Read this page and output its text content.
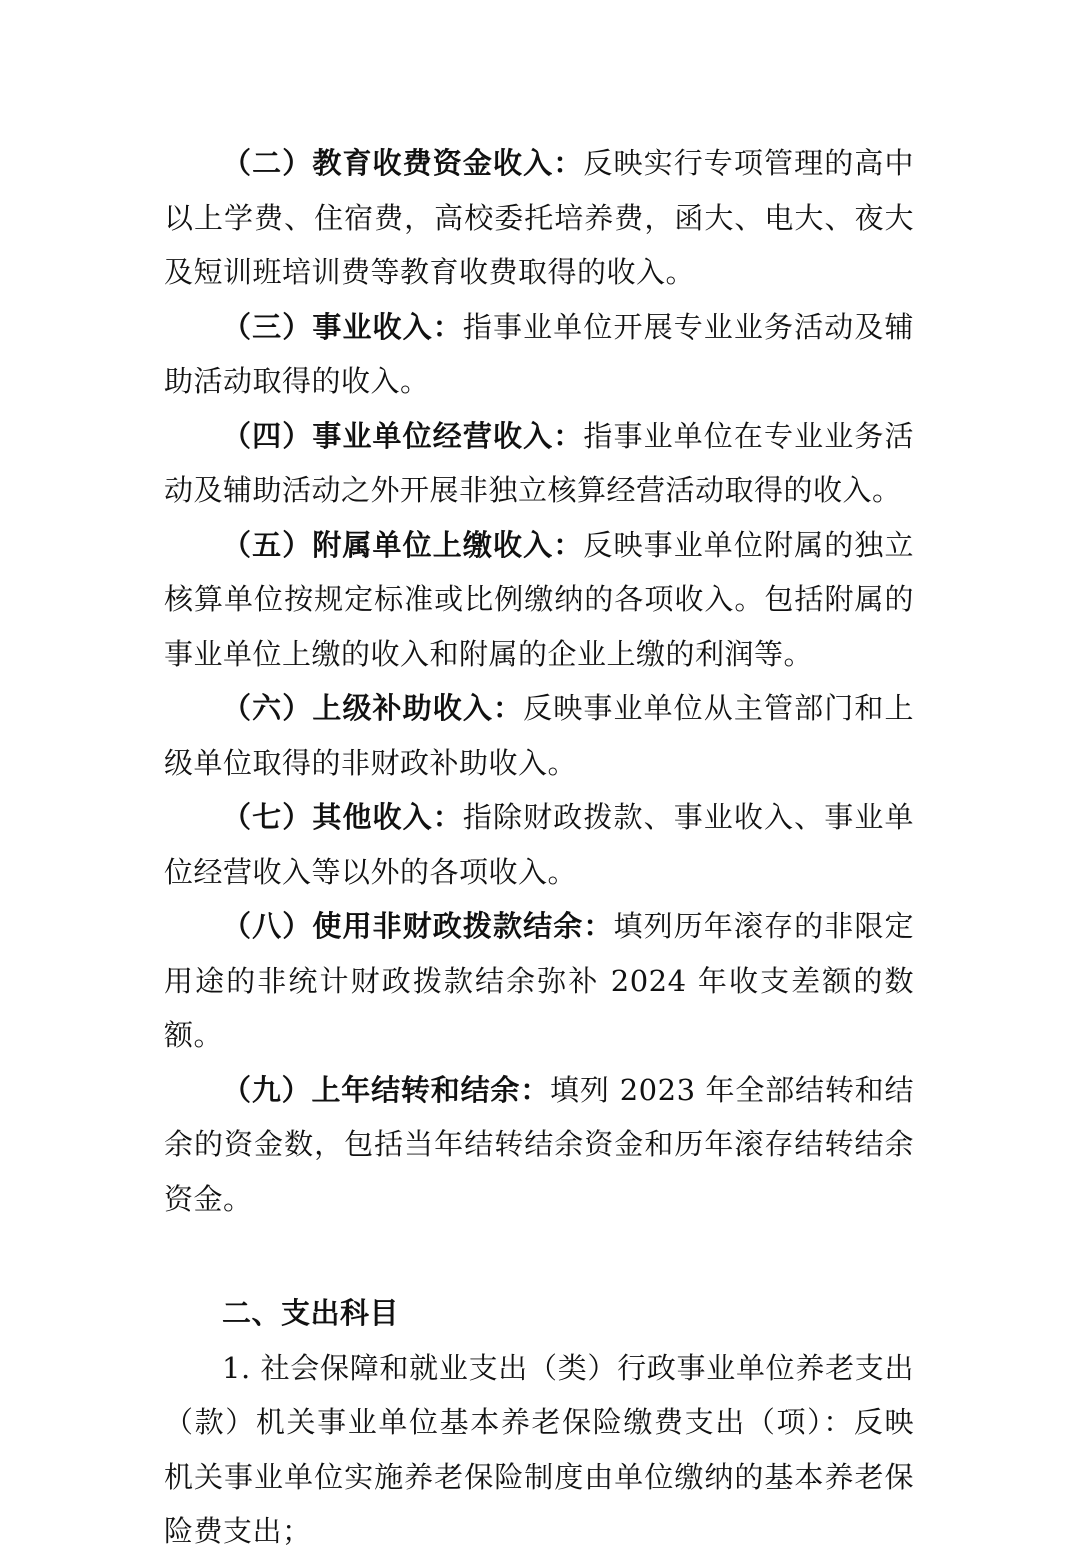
（二）教育收费资金收入：反映实行专项管理的高中以上学费、住宿费，高校委托培养费，函大、电大、夜大及短训班培训费等教育收费取得的收入。

（三）事业收入：指事业单位开展专业业务活动及辅助活动取得的收入。

（四）事业单位经营收入：指事业单位在专业业务活动及辅助活动之外开展非独立核算经营活动取得的收入。

（五）附属单位上缴收入：反映事业单位附属的独立核算单位按规定标准或比例缴纳的各项收入。包括附属的事业单位上缴的收入和附属的企业上缴的利润等。

（六）上级补助收入：反映事业单位从主管部门和上级单位取得的非财政补助收入。

（七）其他收入：指除财政拨款、事业收入、事业单位经营收入等以外的各项收入。

（八）使用非财政拨款结余：填列历年滚存的非限定用途的非统计财政拨款结余弥补 2024 年收支差额的数额。

（九）上年结转和结余：填列 2023 年全部结转和结余的资金数，包括当年结转结余资金和历年滚存结转结余资金。

二、支出科目

1. 社会保障和就业支出（类）行政事业单位养老支出（款）机关事业单位基本养老保险缴费支出（项）：反映机关事业单位实施养老保险制度由单位缴纳的基本养老保险费支出；
